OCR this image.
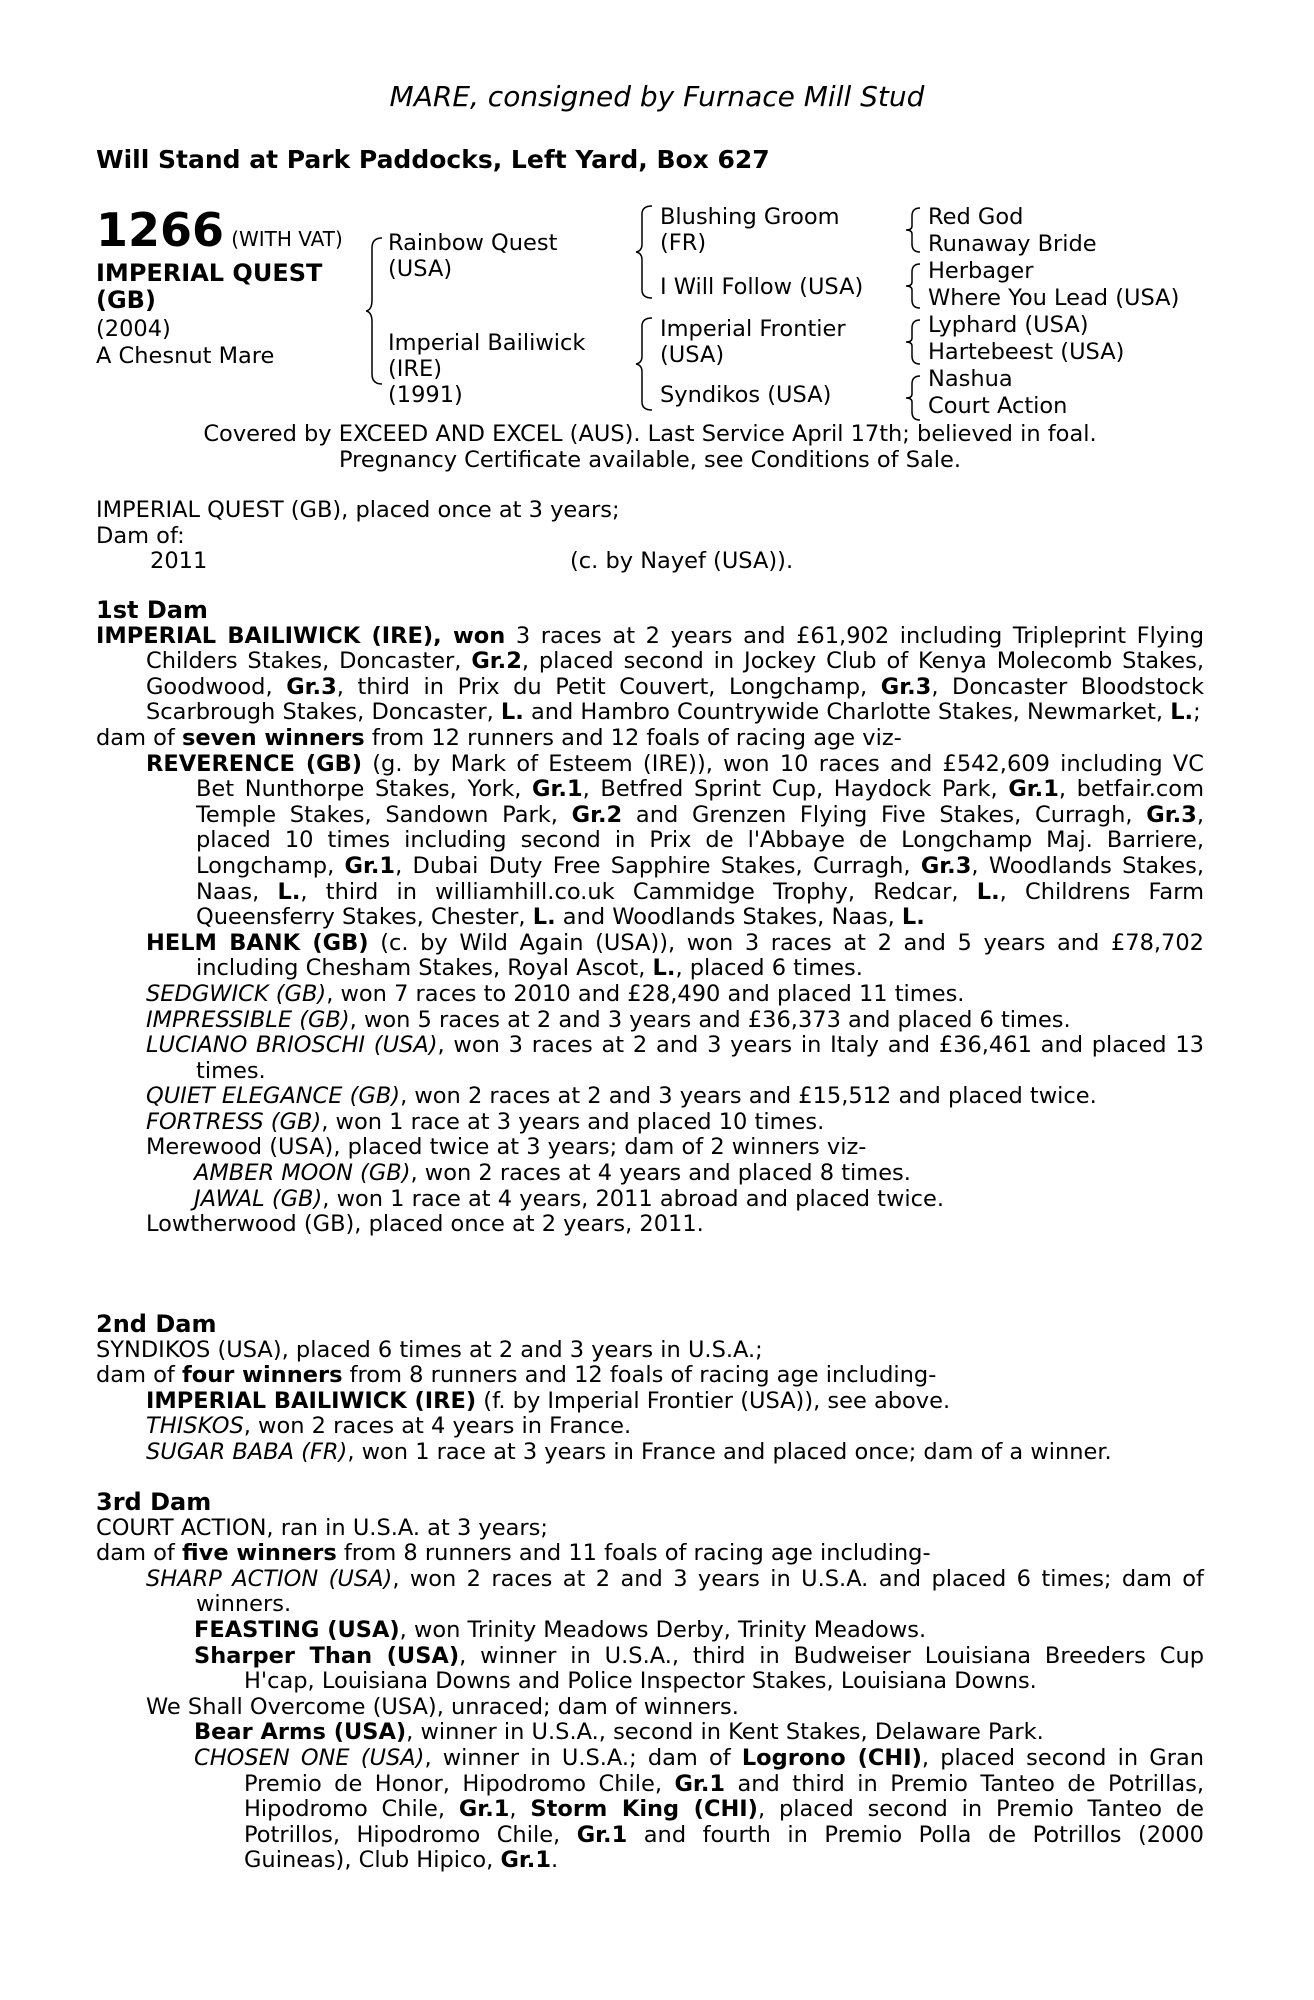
MARE, consigned by Furnace Mill Stud
Will Stand at Park Paddocks, Left Yard, Box 627
1266 (WITH VAT)
IMPERIAL QUEST
(GB)
(2004)
A Chesnut Mare
Rainbow Quest
(USA)
Imperial Bailiwick
(IRE)
(1991)
Blushing Groom
(FR)
I Will Follow (USA)
Imperial Frontier
(USA)
Syndikos (USA)
Red God
Runaway Bride
Herbager
Where You Lead (USA)
Lyphard (USA)
Hartebeest (USA)
Nashua
Court Action
Covered by EXCEED AND EXCEL (AUS). Last Service April 17th; believed in foal.
Pregnancy Certificate available, see Conditions of Sale.
IMPERIAL QUEST (GB), placed once at 3 years;
Dam of:
2011	(c. by Nayef (USA)).
1st Dam
IMPERIAL BAILIWICK (IRE), won 3 races at 2 years and £61,902 including Tripleprint Flying Childers Stakes, Doncaster, Gr.2, placed second in Jockey Club of Kenya Molecomb Stakes, Goodwood, Gr.3, third in Prix du Petit Couvert, Longchamp, Gr.3, Doncaster Bloodstock Scarbrough Stakes, Doncaster, L. and Hambro Countrywide Charlotte Stakes, Newmarket, L.;
dam of seven winners from 12 runners and 12 foals of racing age viz-
REVERENCE (GB) (g. by Mark of Esteem (IRE)), won 10 races and £542,609 including VC Bet Nunthorpe Stakes, York, Gr.1, Betfred Sprint Cup, Haydock Park, Gr.1, betfair.com Temple Stakes, Sandown Park, Gr.2 and Grenzen Flying Five Stakes, Curragh, Gr.3, placed 10 times including second in Prix de l'Abbaye de Longchamp Maj. Barriere, Longchamp, Gr.1, Dubai Duty Free Sapphire Stakes, Curragh, Gr.3, Woodlands Stakes, Naas, L., third in williamhill.co.uk Cammidge Trophy, Redcar, L., Childrens Farm Queensferry Stakes, Chester, L. and Woodlands Stakes, Naas, L.
HELM BANK (GB) (c. by Wild Again (USA)), won 3 races at 2 and 5 years and £78,702 including Chesham Stakes, Royal Ascot, L., placed 6 times.
SEDGWICK (GB), won 7 races to 2010 and £28,490 and placed 11 times.
IMPRESSIBLE (GB), won 5 races at 2 and 3 years and £36,373 and placed 6 times.
LUCIANO BRIOSCHI (USA), won 3 races at 2 and 3 years in Italy and £36,461 and placed 13 times.
QUIET ELEGANCE (GB), won 2 races at 2 and 3 years and £15,512 and placed twice.
FORTRESS (GB), won 1 race at 3 years and placed 10 times.
Merewood (USA), placed twice at 3 years; dam of 2 winners viz-
AMBER MOON (GB), won 2 races at 4 years and placed 8 times.
JAWAL (GB), won 1 race at 4 years, 2011 abroad and placed twice.
Lowtherwood (GB), placed once at 2 years, 2011.
2nd Dam
SYNDIKOS (USA), placed 6 times at 2 and 3 years in U.S.A.;
dam of four winners from 8 runners and 12 foals of racing age including-
IMPERIAL BAILIWICK (IRE) (f. by Imperial Frontier (USA)), see above.
THISKOS, won 2 races at 4 years in France.
SUGAR BABA (FR), won 1 race at 3 years in France and placed once; dam of a winner.
3rd Dam
COURT ACTION, ran in U.S.A. at 3 years;
dam of five winners from 8 runners and 11 foals of racing age including-
SHARP ACTION (USA), won 2 races at 2 and 3 years in U.S.A. and placed 6 times; dam of winners.
FEASTING (USA), won Trinity Meadows Derby, Trinity Meadows.
Sharper Than (USA), winner in U.S.A., third in Budweiser Louisiana Breeders Cup H'cap, Louisiana Downs and Police Inspector Stakes, Louisiana Downs.
We Shall Overcome (USA), unraced; dam of winners.
Bear Arms (USA), winner in U.S.A., second in Kent Stakes, Delaware Park.
CHOSEN ONE (USA), winner in U.S.A.; dam of Logrono (CHI), placed second in Gran Premio de Honor, Hipodromo Chile, Gr.1 and third in Premio Tanteo de Potrillas, Hipodromo Chile, Gr.1, Storm King (CHI), placed second in Premio Tanteo de Potrillos, Hipodromo Chile, Gr.1 and fourth in Premio Polla de Potrillos (2000 Guineas), Club Hipico, Gr.1.
